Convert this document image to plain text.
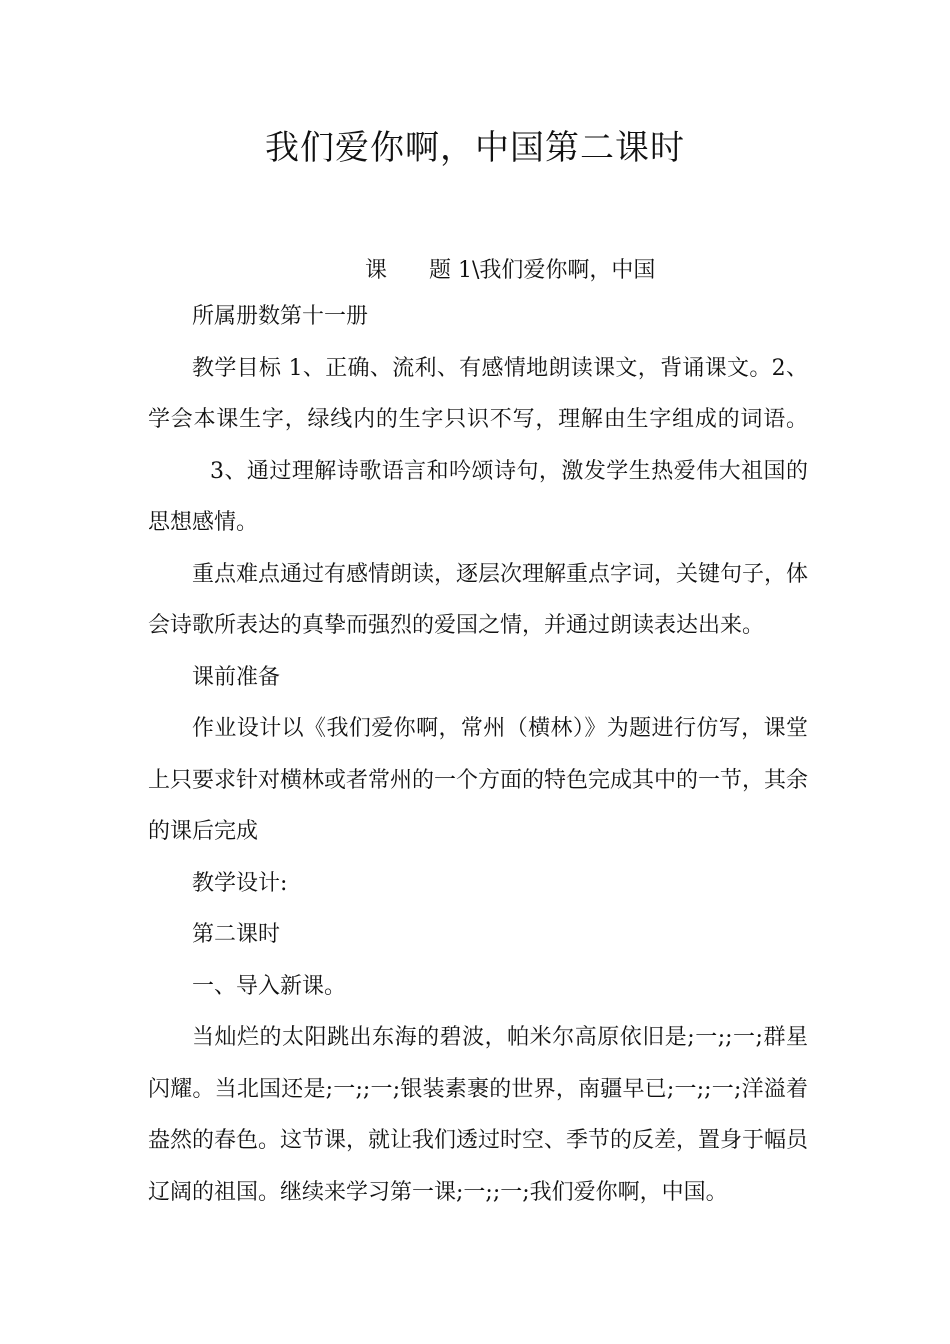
我们爱你啊，中国第二课时
课 题 1\我们爱你啊，中国

所属册数第十一册

教学目标 1、正确、流利、有感情地朗读课文，背诵课文。2、学会本课生字，绿线内的生字只识不写，理解由生字组成的词语。3、通过理解诗歌语言和吟颂诗句，激发学生热爱伟大祖国的思想感情。

重点难点通过有感情朗读，逐层次理解重点字词，关键句子，体会诗歌所表达的真挚而强烈的爱国之情，并通过朗读表达出来。

课前准备

作业设计以《我们爱你啊，常州（横林）》为题进行仿写，课堂上只要求针对横林或者常州的一个方面的特色完成其中的一节，其余的课后完成

教学设计:

第二课时

一、导入新课。

当灿烂的太阳跳出东海的碧波，帕米尔高原依旧是;一;;一;群星闪耀。当北国还是;一;;一;银装素裹的世界，南疆早已;一;;一;洋溢着盎然的春色。这节课，就让我们透过时空、季节的反差，置身于幅员辽阔的祖国。继续来学习第一课;一;;一;我们爱你啊，中国。
